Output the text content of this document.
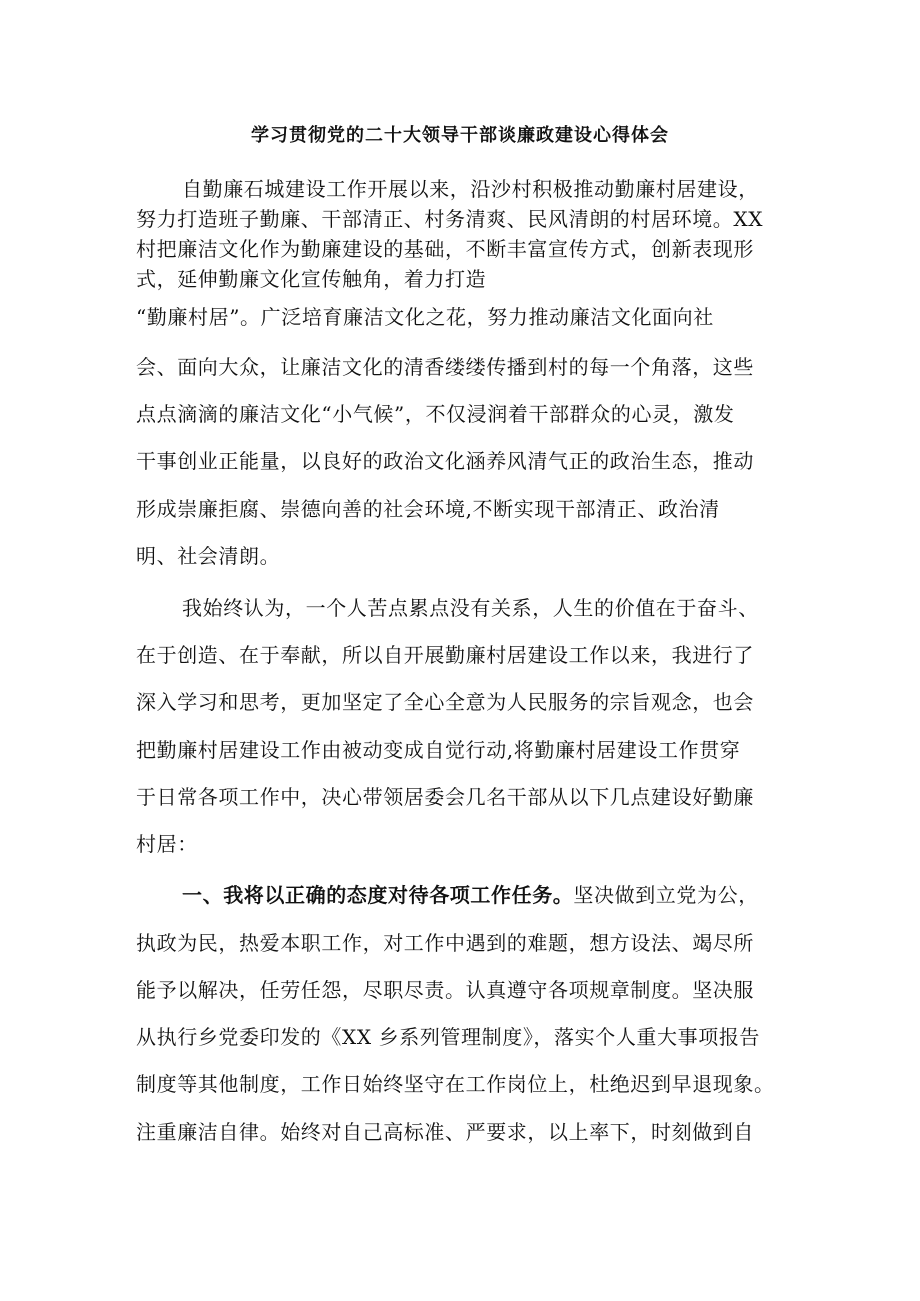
学习贯彻党的二十大领导干部谈廉政建设心得体会
自勤廉石城建设工作开展以来，沿沙村积极推动勤廉村居建设，
努力打造班子勤廉、干部清正、村务清爽、民风清朗的村居环境。XX
村把廉洁文化作为勤廉建设的基础，不断丰富宣传方式，创新表现形
式，延伸勤廉文化宣传触角，着力打造
“勤廉村居”。广泛培育廉洁文化之花，努力推动廉洁文化面向社
会、面向大众，让廉洁文化的清香缕缕传播到村的每一个角落，这些
点点滴滴的廉洁文化“小气候”，不仅浸润着干部群众的心灵，激发
干事创业正能量，以良好的政治文化涵养风清气正的政治生态，推动
形成崇廉拒腐、崇德向善的社会环境,不断实现干部清正、政治清
明、社会清朗。
我始终认为，一个人苦点累点没有关系，人生的价值在于奋斗、
在于创造、在于奉献，所以自开展勤廉村居建设工作以来，我进行了
深入学习和思考，更加坚定了全心全意为人民服务的宗旨观念，也会
把勤廉村居建设工作由被动变成自觉行动,将勤廉村居建设工作贯穿
于日常各项工作中，决心带领居委会几名干部从以下几点建设好勤廉
村居：
一、我将以正确的态度对待各项工作任务。坚决做到立党为公，
执政为民，热爱本职工作，对工作中遇到的难题，想方设法、竭尽所
能予以解决，任劳任怨，尽职尽责。认真遵守各项规章制度。坚决服
从执行乡党委印发的《XX 乡系列管理制度》，落实个人重大事项报告
制度等其他制度，工作日始终坚守在工作岗位上，杜绝迟到早退现象。
注重廉洁自律。始终对自己高标准、严要求，以上率下，时刻做到自
